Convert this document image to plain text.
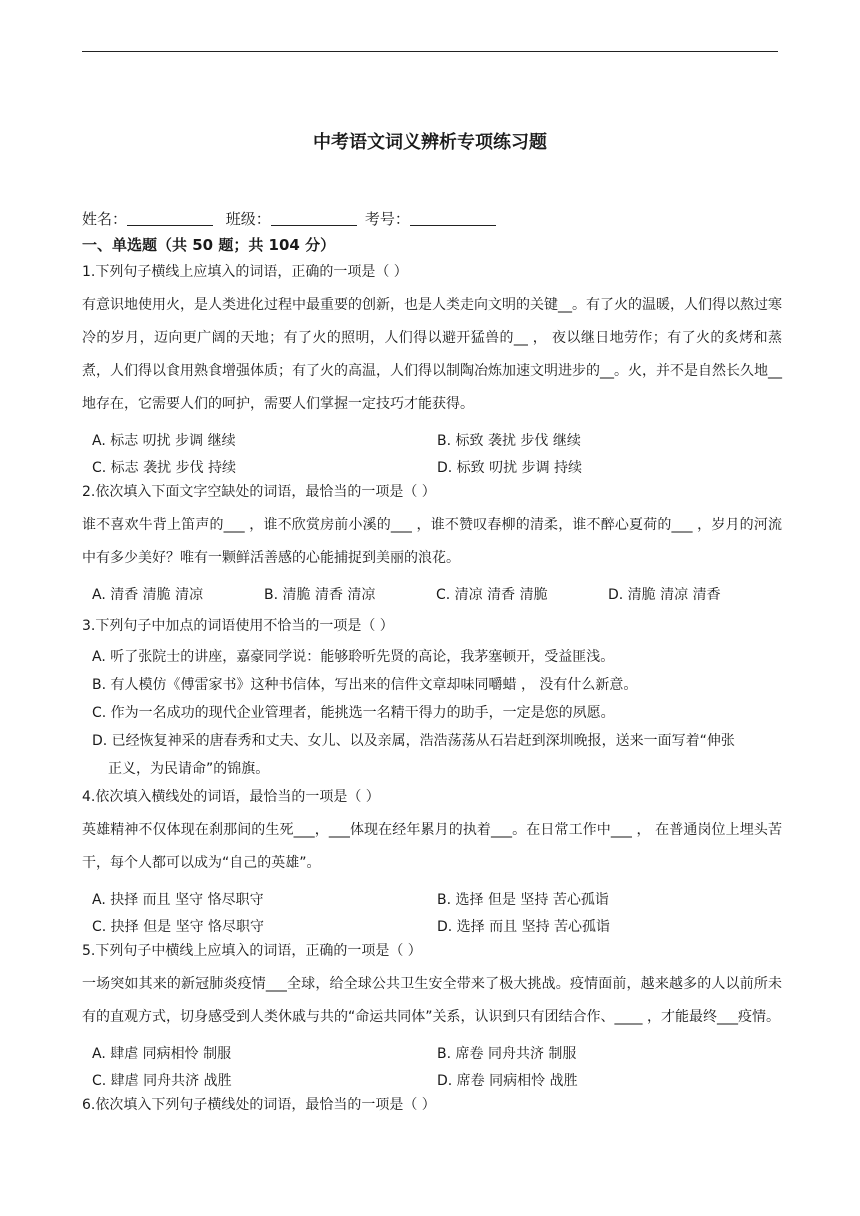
中考语文词义辨析专项练习题
姓名：	班级：	考号：
一、单选题（共 50 题；共 104 分）
1.下列句子横线上应填入的词语，正确的一项是（ ）
有意识地使用火，是人类进化过程中最重要的创新，也是人类走向文明的关键__。有了火的温暖，人们得以熬过寒冷的岁月，迈向更广阔的天地；有了火的照明，人们得以避开猛兽的__ ， 夜以继日地劳作；有了火的炙烤和蒸煮，人们得以食用熟食增强体质；有了火的高温，人们得以制陶冶炼加速文明进步的__。火，并不是自然长久地__地存在，它需要人们的呵护，需要人们掌握一定技巧才能获得。
A. 标志 叨扰 步调 继续	B. 标致 袭扰 步伐 继续
C. 标志 袭扰 步伐 持续	D. 标致 叨扰 步调 持续
2.依次填入下面文字空缺处的词语，最恰当的一项是（ ）
谁不喜欢牛背上笛声的___ ，谁不欣赏房前小溪的___ ，谁不赞叹春柳的清柔，谁不醉心夏荷的___ ，岁月的河流中有多少美好？唯有一颗鲜活善感的心能捕捉到美丽的浪花。
A. 清香 清脆 清凉	B. 清脆 清香 清凉	C. 清凉 清香 清脆	D. 清脆 清凉 清香
3.下列句子中加点的词语使用不恰当的一项是（ ）
A. 听了张院士的讲座，嘉豪同学说：能够聆听先贤的高论，我茅塞顿开，受益匪浅。
B. 有人模仿《傅雷家书》这种书信体，写出来的信件文章却味同嚼蜡 ， 没有什么新意。
C. 作为一名成功的现代企业管理者，能挑选一名精干得力的助手，一定是您的夙愿。
D. 已经恢复神采的唐春秀和丈夫、女儿、以及亲属，浩浩荡荡从石岩赶到深圳晚报，送来一面写着“伸张
正义，为民请命”的锦旗。
4.依次填入横线处的词语，最恰当的一项是（ ）
英雄精神不仅体现在刹那间的生死___，___体现在经年累月的执着___。在日常工作中___ ， 在普通岗位上埋头苦干，每个人都可以成为“自己的英雄”。
A. 抉择 而且 坚守 恪尽职守	B. 选择 但是 坚持 苦心孤诣
C. 抉择 但是 坚守 恪尽职守	D. 选择 而且 坚持 苦心孤诣
5.下列句子中横线上应填入的词语，正确的一项是（ ）
一场突如其来的新冠肺炎疫情___全球，给全球公共卫生安全带来了极大挑战。疫情面前，越来越多的人以前所未有的直观方式，切身感受到人类休戚与共的“命运共同体”关系，认识到只有团结合作、____ ，才能最终___疫情。
A. 肆虐 同病相怜 制服	B. 席卷 同舟共济 制服
C. 肆虐 同舟共济 战胜	D. 席卷 同病相怜 战胜
6.依次填入下列句子横线处的词语，最恰当的一项是（ ）
